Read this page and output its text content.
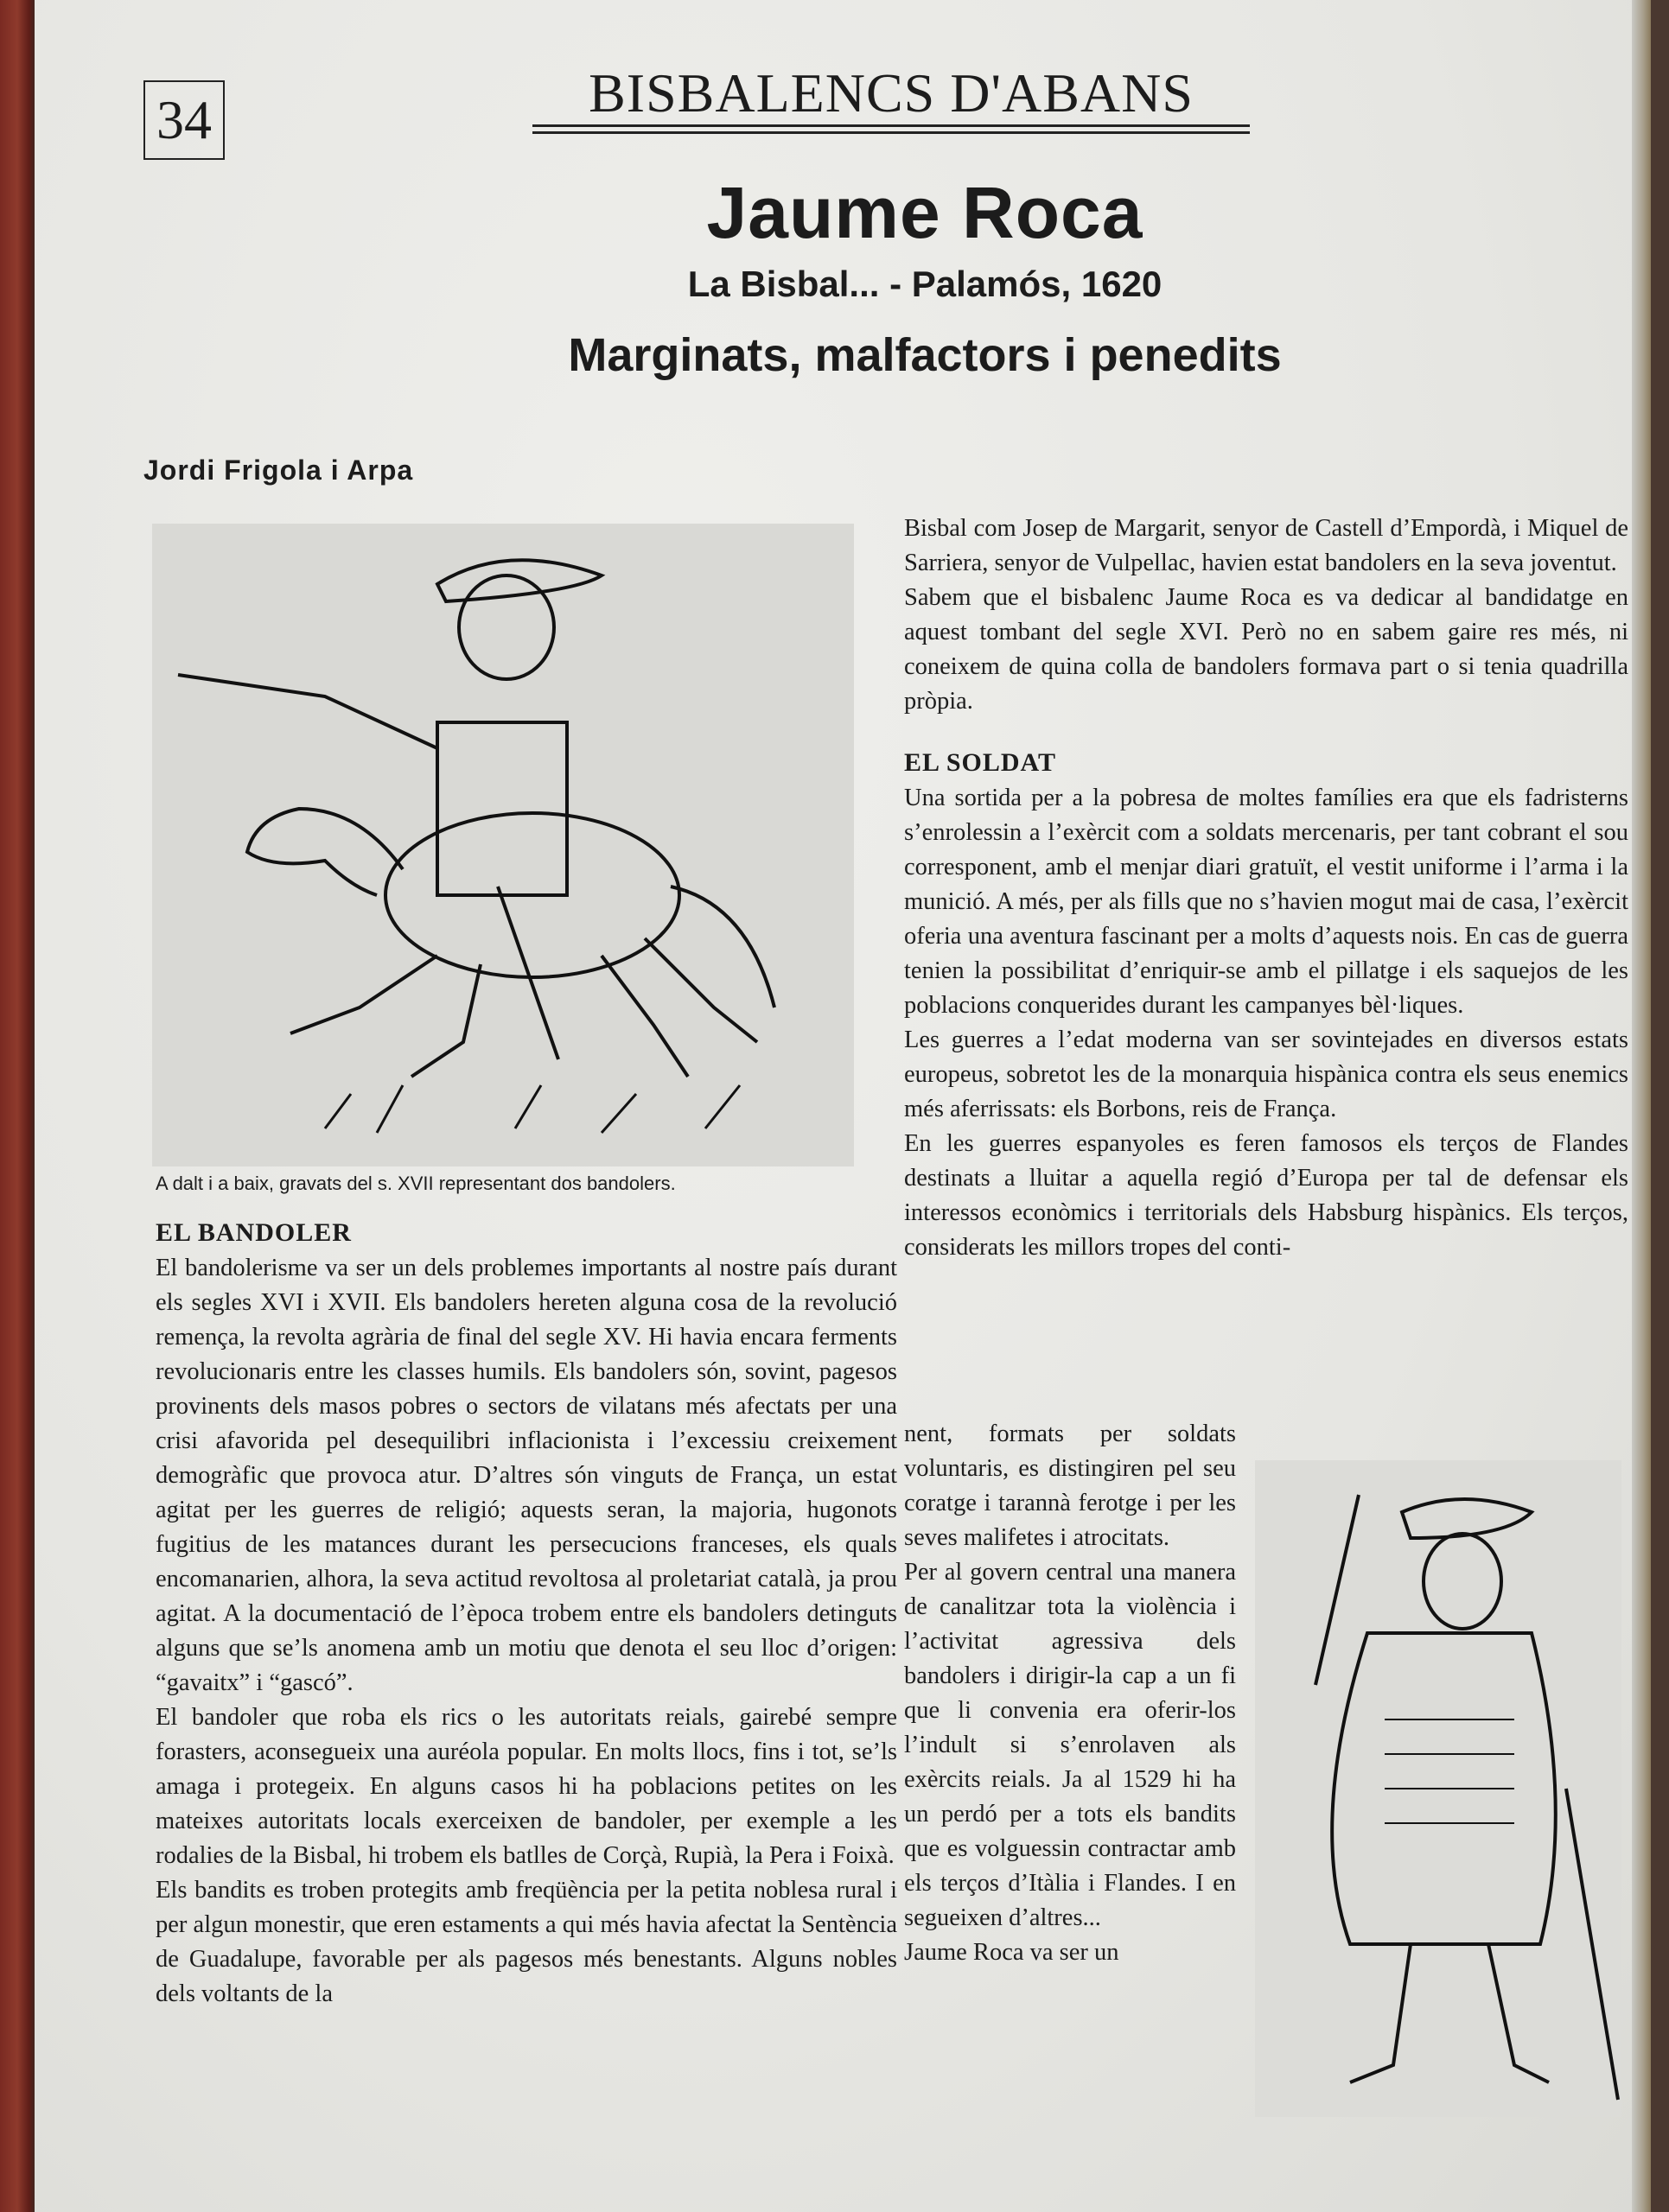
34	BISBALENCS D'ABANS
Jaume Roca
La Bisbal... - Palamós, 1620
Marginats, malfactors i penedits
Jordi Frigola i Arpa
A dalt i a baix, gravats del s. XVII representant dos bandolers.
EL BANDOLER

El bandolerisme va ser un dels problemes importants al nostre país durant els segles XVI i XVII. Els bandolers hereten alguna cosa de la revolució remença, la revolta agrària de final del segle XV. Hi havia encara ferments revolucionaris entre les classes humils. Els bandolers són, sovint, pagesos provinents dels masos pobres o sectors de vilatans més afectats per una crisi afavorida pel desequilibri inflacionista i l’excessiu creixement demogràfic que provoca atur. D’altres són vinguts de França, un estat agitat per les guerres de religió; aquests seran, la majoria, hugonots fugitius de les matances durant les persecucions franceses, els quals encomanarien, alhora, la seva actitud revoltosa al proletariat català, ja prou agitat. A la documentació de l’època trobem entre els bandolers detinguts alguns que se’ls anomena amb un motiu que denota el seu lloc d’origen: “gavaitx” i “gascó”.

El bandoler que roba els rics o les autoritats reials, gairebé sempre forasters, aconsegueix una auréola popular. En molts llocs, fins i tot, se’ls amaga i protegeix. En alguns casos hi ha poblacions petites on les mateixes autoritats locals exerceixen de bandoler, per exemple a les rodalies de la Bisbal, hi trobem els batlles de Corçà, Rupià, la Pera i Foixà.

Els bandits es troben protegits amb freqüència per la petita noblesa rural i per algun monestir, que eren estaments a qui més havia afectat la Sentència de Guadalupe, favorable per als pagesos més benestants. Alguns nobles dels voltants de la

Bisbal com Josep de Margarit, senyor de Castell d’Empordà, i Miquel de Sarriera, senyor de Vulpellac, havien estat bandolers en la seva joventut.

Sabem que el bisbalenc Jaume Roca es va dedicar al bandidatge en aquest tombant del segle XVI. Però no en sabem gaire res més, ni coneixem de quina colla de bandolers formava part o si tenia quadrilla pròpia.

EL SOLDAT

Una sortida per a la pobresa de moltes famílies era que els fadristerns s’enrolessin a l’exèrcit com a soldats mercenaris, per tant cobrant el sou corresponent, amb el menjar diari gratuït, el vestit uniforme i l’arma i la munició. A més, per als fills que no s’havien mogut mai de casa, l’exèrcit oferia una aventura fascinant per a molts d’aquests nois. En cas de guerra tenien la possibilitat d’enriquir-se amb el pillatge i els saquejos de les poblacions conquerides durant les campanyes bèl·liques.

Les guerres a l’edat moderna van ser sovintejades en diversos estats europeus, sobretot les de la monarquia hispànica contra els seus enemics més aferrissats: els Borbons, reis de França.

En les guerres espanyoles es feren famosos els terços de Flandes destinats a lluitar a aquella regió d’Europa per tal de defensar els interessos econòmics i territorials dels Habsburg hispànics. Els terços, considerats les millors tropes del conti-

nent, formats per soldats voluntaris, es distingiren pel seu coratge i tarannà ferotge i per les seves malifetes i atrocitats.

Per al govern central una manera de canalitzar tota la violència i l’activitat agressiva dels bandolers i dirigir-la cap a un fi que li convenia era oferir-los l’indult si s’enrolaven als exèrcits reials. Ja al 1529 hi ha un perdó per a tots els bandits que es volguessin contractar amb els terços d’Itàlia i Flandes. I en segueixen d’altres...

Jaume Roca va ser un
